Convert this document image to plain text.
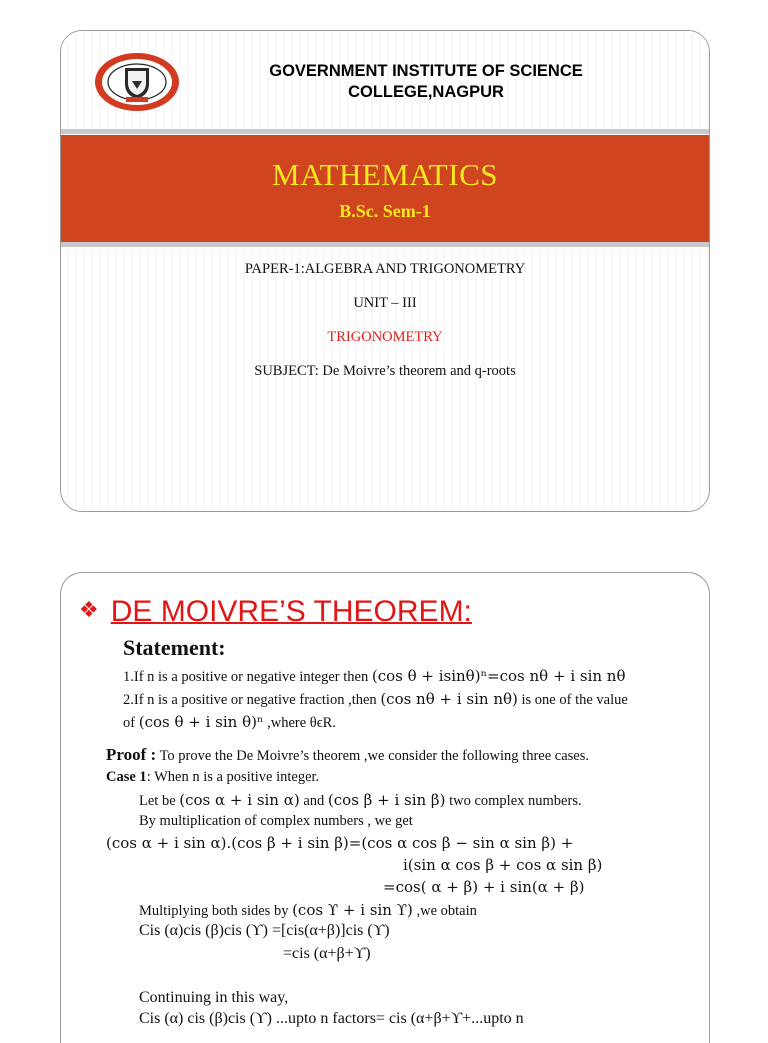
GOVERNMENT INSTITUTE OF SCIENCE
COLLEGE,NAGPUR
MATHEMATICS
B.Sc. Sem-1
PAPER-1:ALGEBRA AND TRIGONOMETRY
UNIT – III
TRIGONOMETRY
SUBJECT: De Moivre’s theorem and q-roots
❖ DE MOIVRE’S THEOREM:
Statement:
1.If n is a positive or negative integer then (cos θ + isinθ)ⁿ=cos nθ + i sin nθ
2.If n is a positive or negative fraction ,then (cos nθ + i sin nθ) is one of the value
of (cos θ + i sin θ)ⁿ ,where θϵR.
Proof : To prove the De Moivre’s theorem ,we consider the following three cases.
Case 1: When n is a positive integer.
Let be (cos α + i sin α) and (cos β + i sin β) two complex numbers.
By multiplication of complex numbers , we get
(cos α + i sin α).(cos β + i sin β)=(cos α cos β − sin α sin β) +
i(sin α cos β + cos α sin β)
=cos( α + β) + i sin(α + β)
Multiplying both sides by (cos ϒ + i sin ϒ) ,we obtain
Cis (α)cis (β)cis (ϒ) =[cis(α+β)]cis (ϒ)
=cis (α+β+ϒ)
Continuing in this way,
Cis (α) cis (β)cis (ϒ) ...upto n factors= cis (α+β+ϒ+...upto n
